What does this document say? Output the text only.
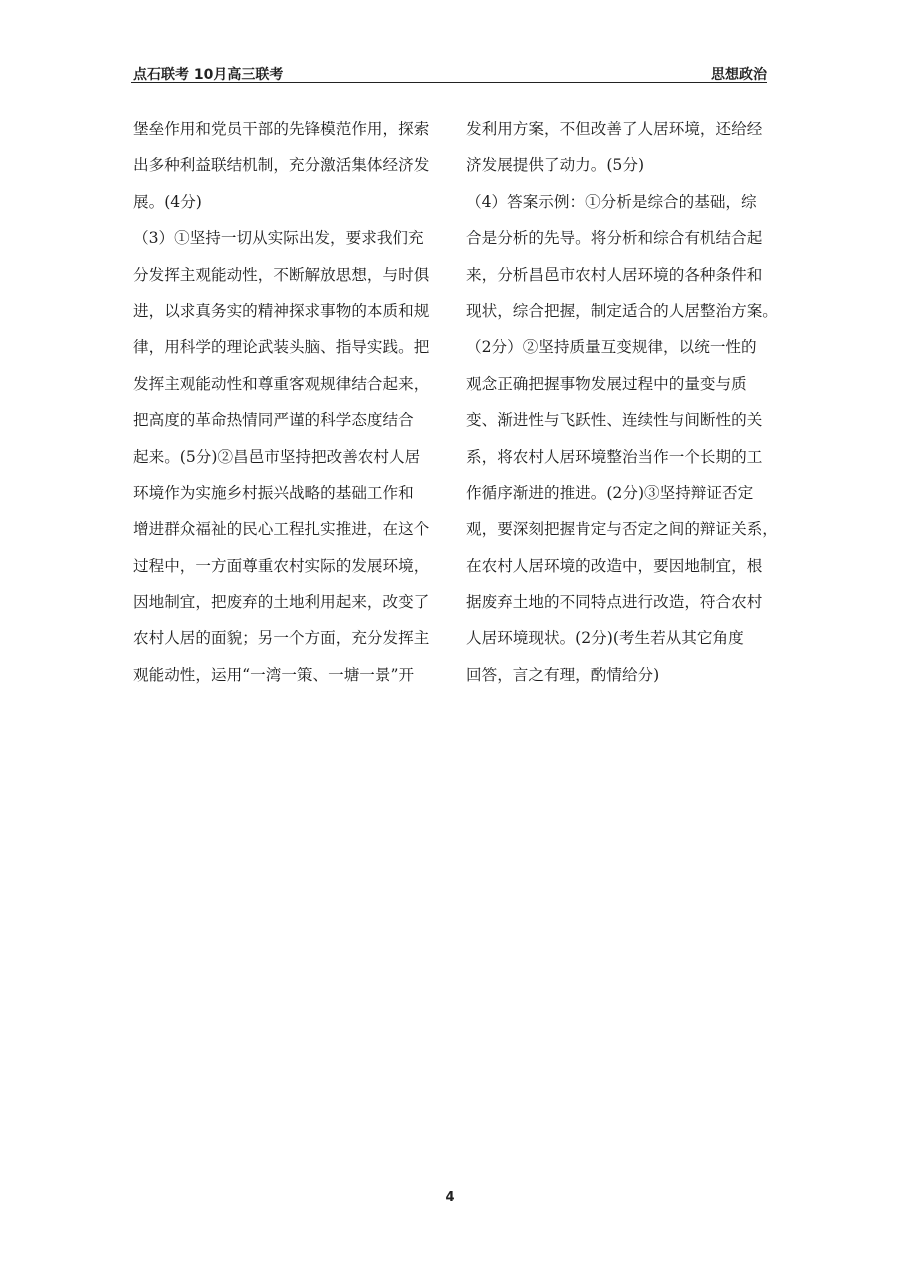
点石联考 10月高三联考	思想政治
堡垒作用和党员干部的先锋模范作用，探索
出多种利益联结机制，充分激活集体经济发
展。(4分)
（3）①坚持一切从实际出发，要求我们充
分发挥主观能动性，不断解放思想，与时俱
进，以求真务实的精神探求事物的本质和规
律，用科学的理论武装头脑、指导实践。把
发挥主观能动性和尊重客观规律结合起来，
把高度的革命热情同严谨的科学态度结合
起来。(5分)②昌邑市坚持把改善农村人居
环境作为实施乡村振兴战略的基础工作和
增进群众福祉的民心工程扎实推进，在这个
过程中，一方面尊重农村实际的发展环境，
因地制宜，把废弃的土地利用起来，改变了
农村人居的面貌；另一个方面，充分发挥主
观能动性，运用“一湾一策、一塘一景”开
发利用方案，不但改善了人居环境，还给经
济发展提供了动力。(5分)
（4）答案示例：①分析是综合的基础，综
合是分析的先导。将分析和综合有机结合起
来，分析昌邑市农村人居环境的各种条件和
现状，综合把握，制定适合的人居整治方案。
（2分）②坚持质量互变规律，以统一性的
观念正确把握事物发展过程中的量变与质
变、渐进性与飞跃性、连续性与间断性的关
系，将农村人居环境整治当作一个长期的工
作循序渐进的推进。(2分)③坚持辩证否定
观，要深刻把握肯定与否定之间的辩证关系，
在农村人居环境的改造中，要因地制宜，根
据废弃土地的不同特点进行改造，符合农村
人居环境现状。(2分)(考生若从其它角度
回答，言之有理，酌情给分)
4
